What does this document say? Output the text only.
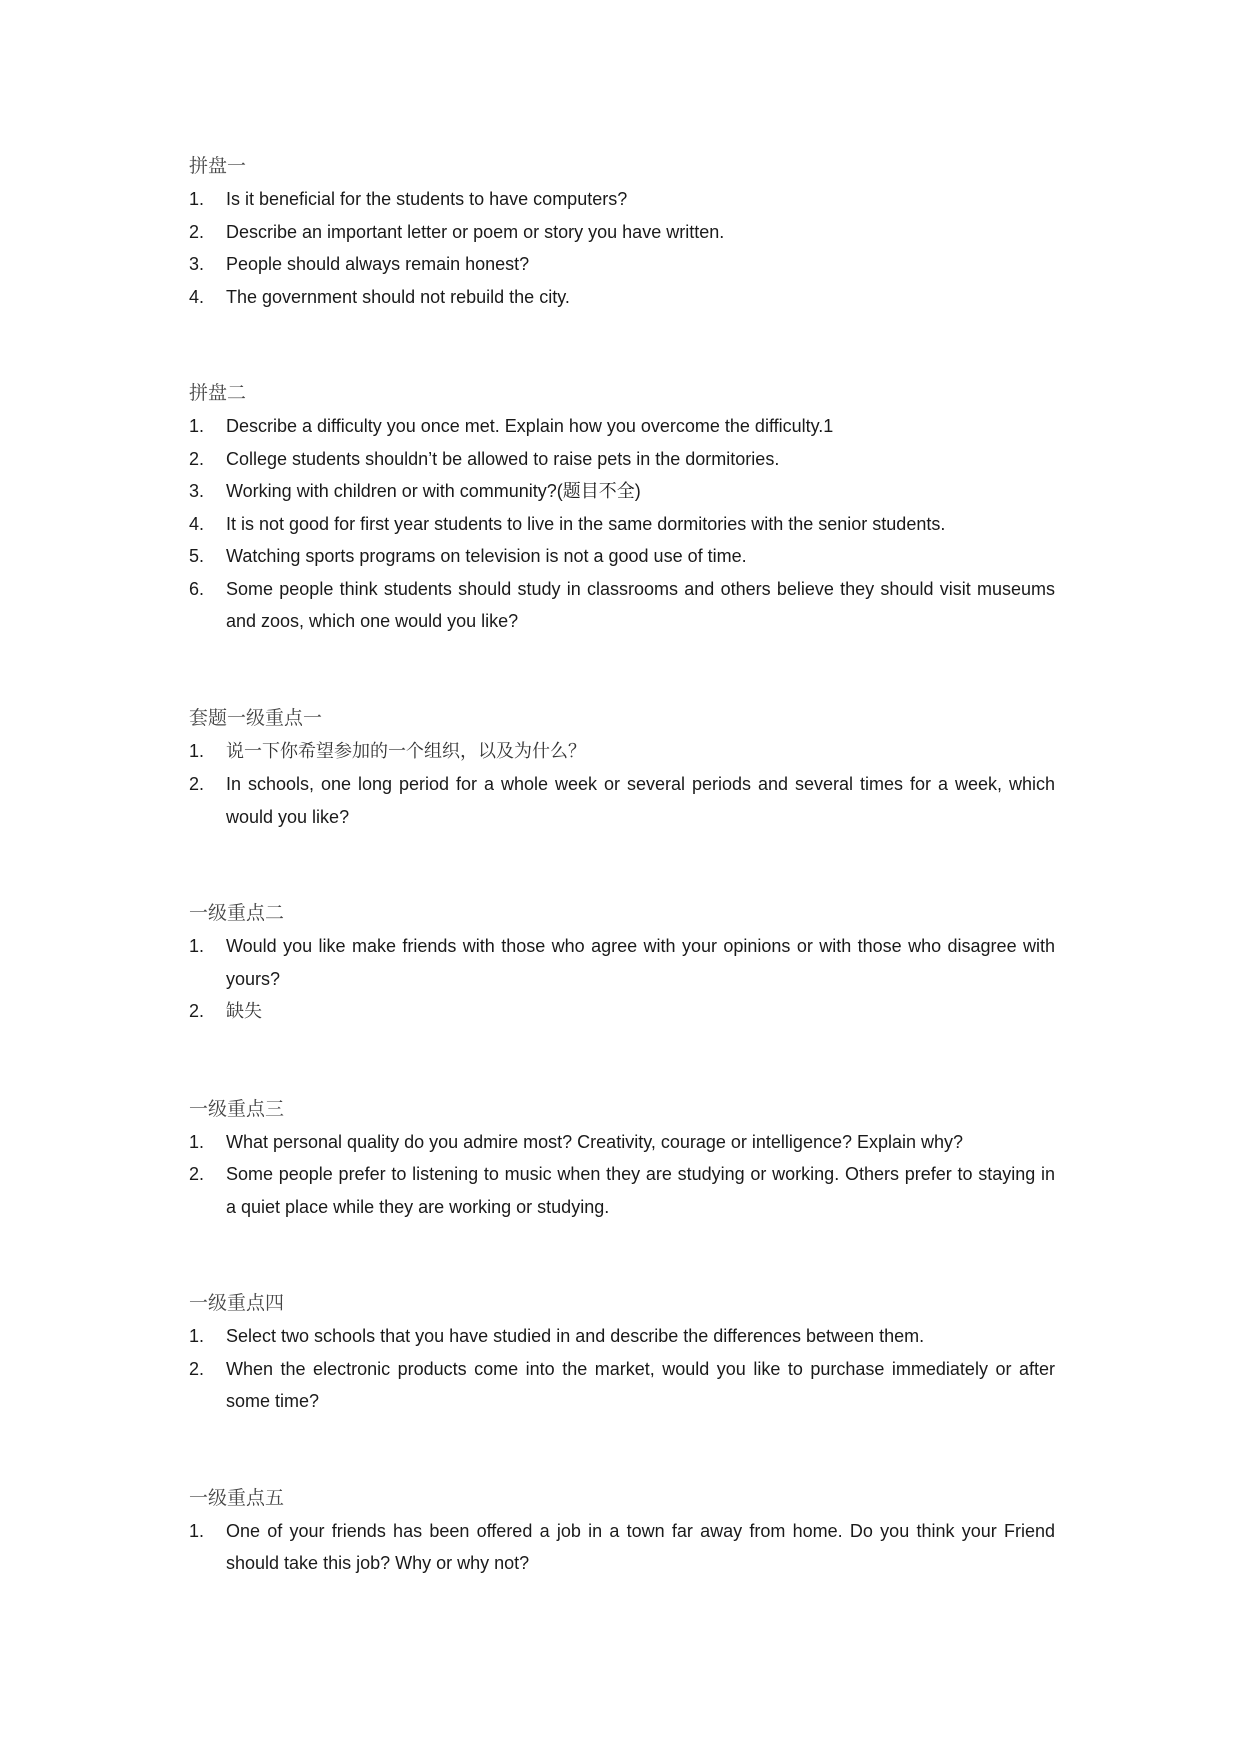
拼盘一
1. Is it beneficial for the students to have computers?
2. Describe an important letter or poem or story you have written.
3. People should always remain honest?
4. The government should not rebuild the city.
拼盘二
1. Describe a difficulty you once met. Explain how you overcome the difficulty.1
2. College students shouldn’t be allowed to raise pets in the dormitories.
3. Working with children or with community?(题目不全)
4. It is not good for first year students to live in the same dormitories with the senior students.
5. Watching sports programs on television is not a good use of time.
6. Some people think students should study in classrooms and others believe they should visit museums and zoos, which one would you like?
套题一级重点一
1. 说一下你希望参加的一个组织，以及为什么？
2. In schools, one long period for a whole week or several periods and several times for a week, which would you like?
一级重点二
1. Would you like make friends with those who agree with your opinions or with those who disagree with yours?
2. 缺失
一级重点三
1. What personal quality do you admire most? Creativity, courage or intelligence? Explain why?
2. Some people prefer to listening to music when they are studying or working. Others prefer to staying in a quiet place while they are working or studying.
一级重点四
1. Select two schools that you have studied in and describe the differences between them.
2. When the electronic products come into the market, would you like to purchase immediately or after some time?
一级重点五
1. One of your friends has been offered a job in a town far away from home. Do you think your Friend should take this job? Why or why not?
